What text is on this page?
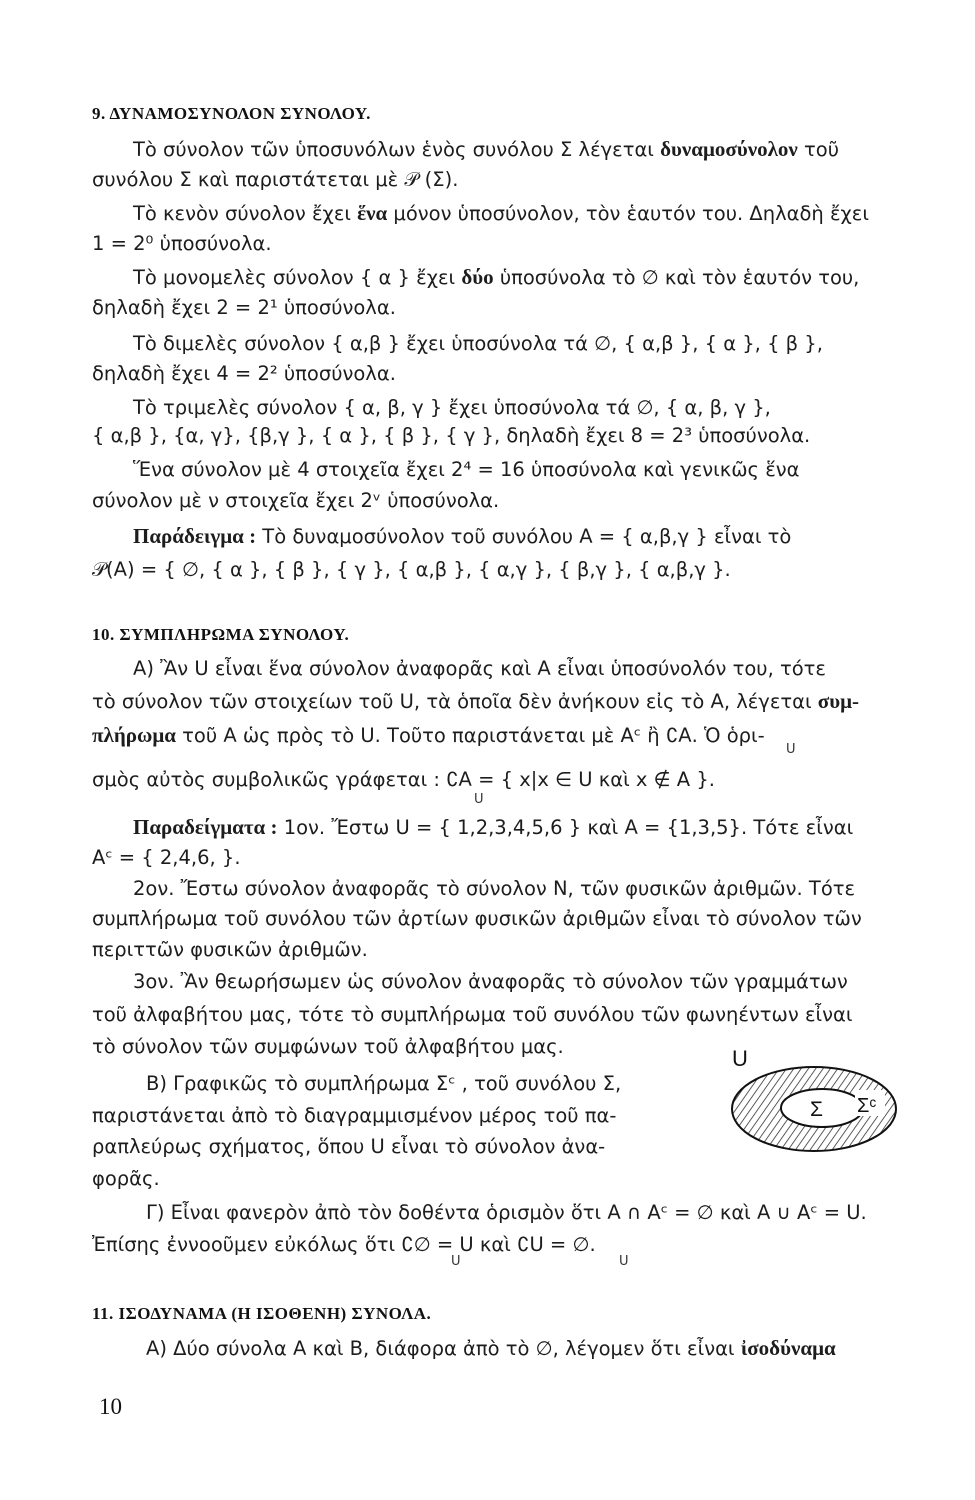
9. ΔΥΝΑΜΟΣΥΝΟΛΟΝ ΣΥΝΟΛΟΥ.
Τὸ σύνολον τῶν ὑποσυνόλων ἑνὸς συνόλου Σ λέγεται δυναμοσύνολον τοῦ
συνόλου Σ καὶ παριστάτεται μὲ 𝒫 (Σ).
Τὸ κενὸν σύνολον ἔχει ἕνα μόνον ὑποσύνολον, τὸν ἑαυτόν του. Δηλαδὴ ἔχει
1 = 2⁰ ὑποσύνολα.
Τὸ μονομελὲς σύνολον { α } ἔχει δύο ὑποσύνολα τὸ ∅ καὶ τὸν ἑαυτόν του,
δηλαδὴ ἔχει 2 = 2¹ ὑποσύνολα.
Τὸ διμελὲς σύνολον { α,β } ἔχει ὑποσύνολα τά ∅, { α,β }, { α }, { β },
δηλαδὴ ἔχει 4 = 2² ὑποσύνολα.
Τὸ τριμελὲς σύνολον { α, β, γ } ἔχει ὑποσύνολα τά ∅, { α, β, γ },
{ α,β }, {α, γ}, {β,γ }, { α }, { β }, { γ }, δηλαδὴ ἔχει 8 = 2³ ὑποσύνολα.
Ἕνα σύνολον μὲ 4 στοιχεῖα ἔχει 2⁴ = 16 ὑποσύνολα καὶ γενικῶς ἕνα
σύνολον μὲ ν στοιχεῖα ἔχει 2ᵛ ὑποσύνολα.
Παράδειγμα : Τὸ δυναμοσύνολον τοῦ συνόλου Α = { α,β,γ } εἶναι τὸ
𝒫(Α) = { ∅, { α }, { β }, { γ }, { α,β }, { α,γ }, { β,γ }, { α,β,γ }.
10. ΣΥΜΠΛΗΡΩΜΑ ΣΥΝΟΛΟΥ.
Α) Ἂν U εἶναι ἕνα σύνολον ἀναφορᾶς καὶ Α εἶναι ὑποσύνολόν του, τότε
τὸ σύνολον τῶν στοιχείων τοῦ U, τὰ ὁποῖα δὲν ἀνήκουν εἰς τὸ Α, λέγεται συμ-
πλήρωμα τοῦ Α ὡς πρὸς τὸ U. Τοῦτο παριστάνεται μὲ Aᶜ ἢ ∁Α. Ὁ ὁρι-
U
σμὸς αὐτὸς συμβολικῶς γράφεται : ∁Α = { x|x ∈ U καὶ x ∉ A }.
U
Παραδείγματα : 1ον. Ἔστω U = { 1,2,3,4,5,6 } καὶ Α = {1,3,5}. Τότε εἶναι
Aᶜ = { 2,4,6, }.
2ον. Ἔστω σύνολον ἀναφορᾶς τὸ σύνολον Ν, τῶν φυσικῶν ἀριθμῶν. Τότε
συμπλήρωμα τοῦ συνόλου τῶν ἀρτίων φυσικῶν ἀριθμῶν εἶναι τὸ σύνολον τῶν
περιττῶν φυσικῶν ἀριθμῶν.
3ον. Ἂν θεωρήσωμεν ὡς σύνολον ἀναφορᾶς τὸ σύνολον τῶν γραμμάτων
τοῦ ἀλφαβήτου μας, τότε τὸ συμπλήρωμα τοῦ συνόλου τῶν φωνηέντων εἶναι
τὸ σύνολον τῶν συμφώνων τοῦ ἀλφαβήτου μας.
Β) Γραφικῶς τὸ συμπλήρωμα Σᶜ , τοῦ συνόλου Σ,
παριστάνεται ἀπὸ τὸ διαγραμμισμένον μέρος τοῦ πα-
ραπλεύρως σχήματος, ὅπου U εἶναι τὸ σύνολον ἀνα-
φορᾶς.
U
Σ Σᶜ
Γ) Εἶναι φανερὸν ἀπὸ τὸν δοθέντα ὁρισμὸν ὅτι Α ∩ Aᶜ = ∅ καὶ Α ∪ Aᶜ = U.
Ἐπίσης ἐννοοῦμεν εὐκόλως ὅτι ∁∅ = U καὶ ∁U = ∅.
U	U
11. ΙΣΟΔΥΝΑΜΑ (Η ΙΣΟΘΕΝΗ) ΣΥΝΟΛΑ.
Α) Δύο σύνολα Α καὶ Β, διάφορα ἀπὸ τὸ ∅, λέγομεν ὅτι εἶναι ἰσοδύναμα
10
